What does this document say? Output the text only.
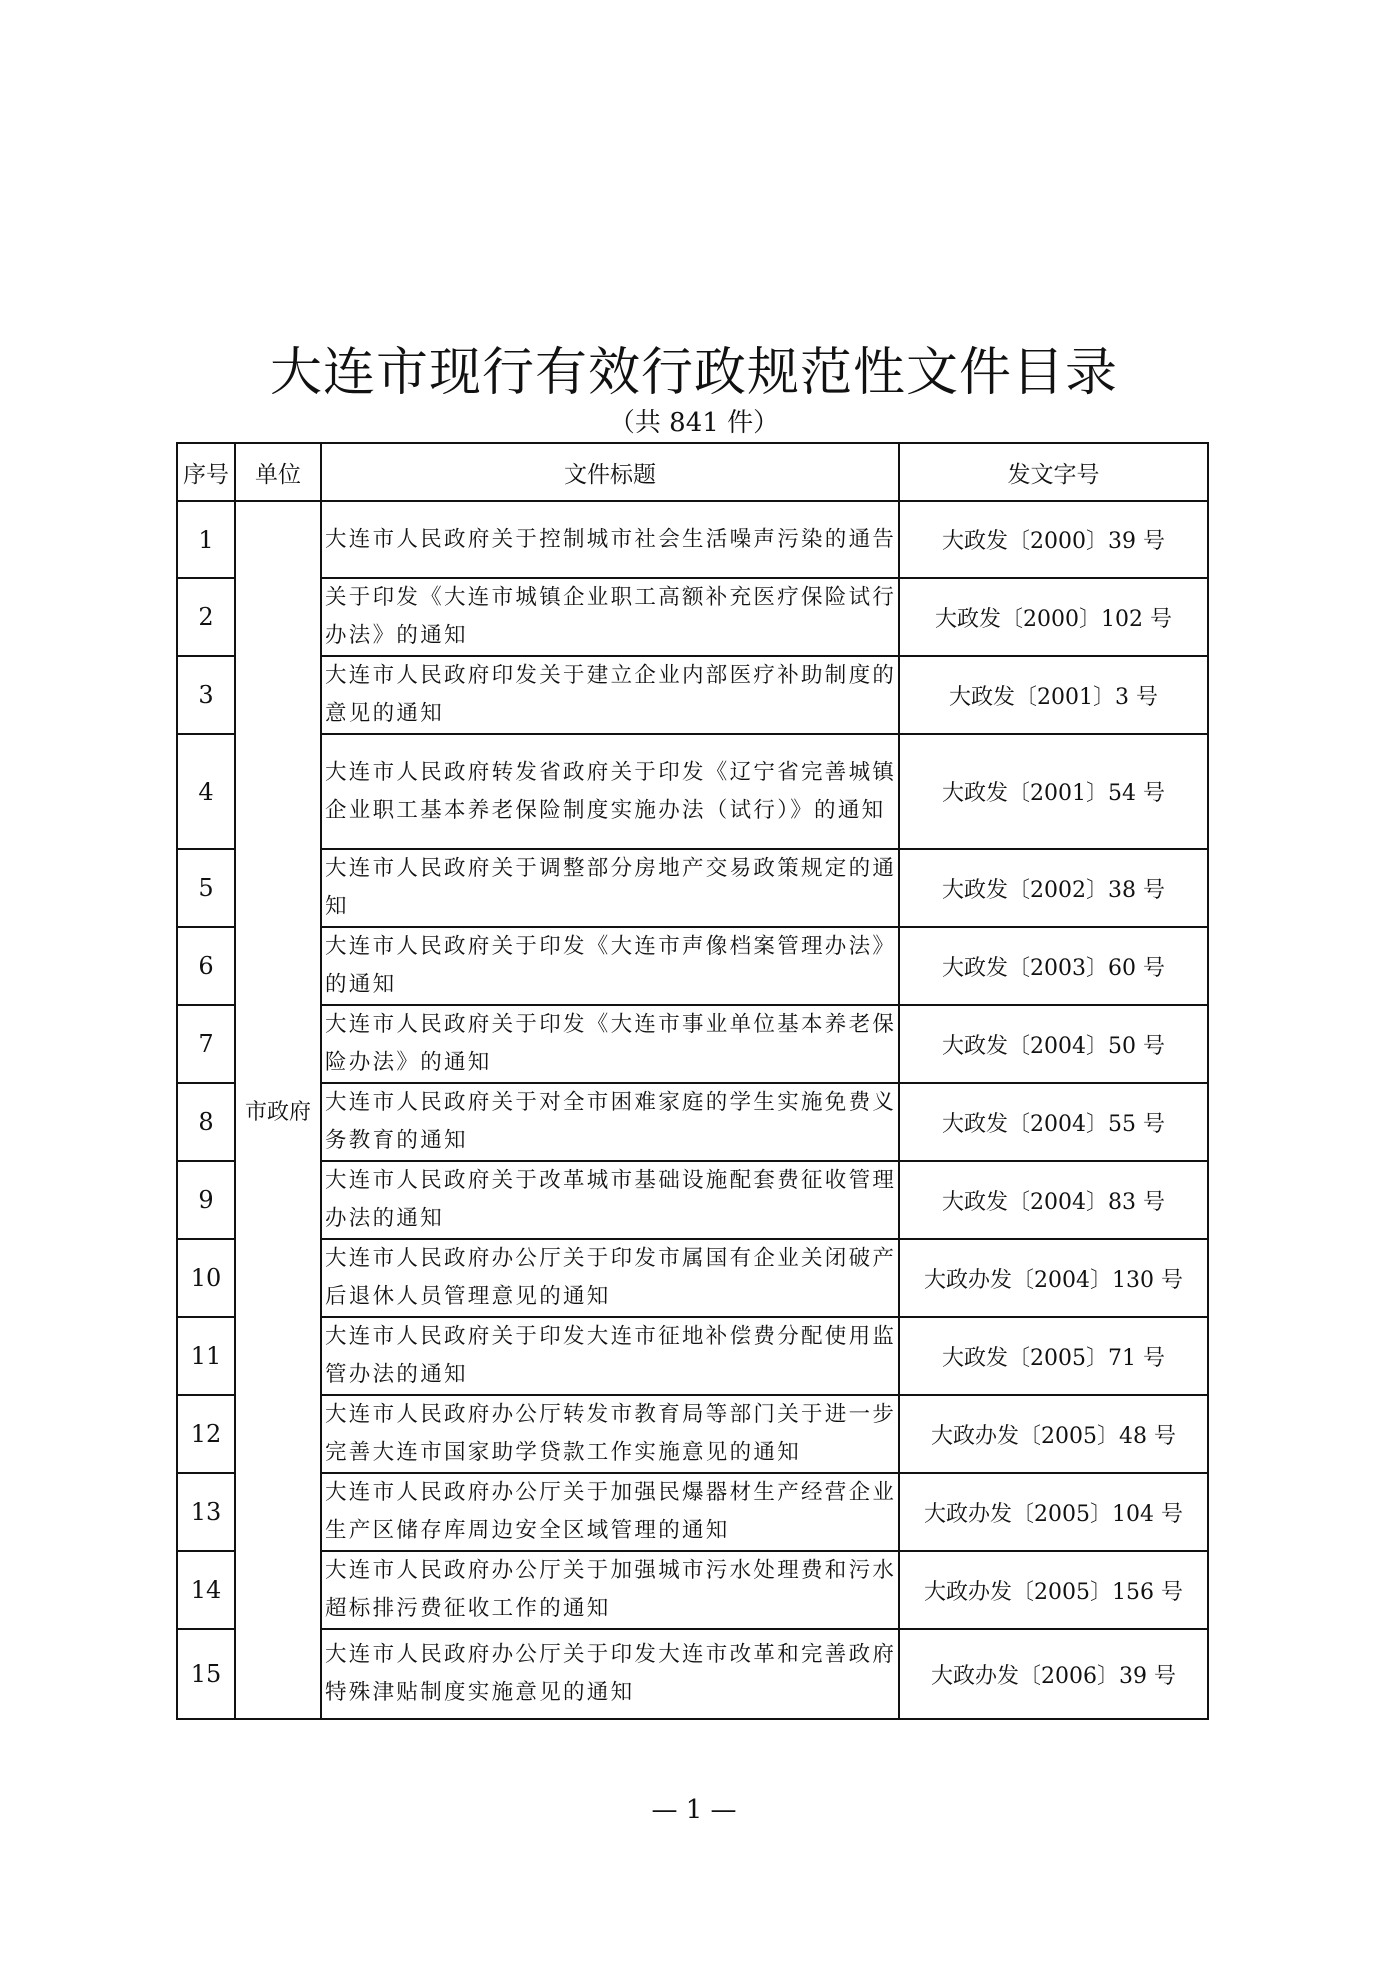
大连市现行有效行政规范性文件目录
（共 841 件）
序号	单位	文件标题	发文字号
1	市政府	大连市人民政府关于控制城市社会生活噪声污染的通告	大政发〔2000〕39 号
2		关于印发《大连市城镇企业职工高额补充医疗保险试行办法》的通知	大政发〔2000〕102 号
3		大连市人民政府印发关于建立企业内部医疗补助制度的意见的通知	大政发〔2001〕3 号
4		大连市人民政府转发省政府关于印发《辽宁省完善城镇企业职工基本养老保险制度实施办法（试行）》的通知	大政发〔2001〕54 号
5		大连市人民政府关于调整部分房地产交易政策规定的通知	大政发〔2002〕38 号
6		大连市人民政府关于印发《大连市声像档案管理办法》的通知	大政发〔2003〕60 号
7		大连市人民政府关于印发《大连市事业单位基本养老保险办法》的通知	大政发〔2004〕50 号
8		大连市人民政府关于对全市困难家庭的学生实施免费义务教育的通知	大政发〔2004〕55 号
9		大连市人民政府关于改革城市基础设施配套费征收管理办法的通知	大政发〔2004〕83 号
10		大连市人民政府办公厅关于印发市属国有企业关闭破产后退休人员管理意见的通知	大政办发〔2004〕130 号
11		大连市人民政府关于印发大连市征地补偿费分配使用监管办法的通知	大政发〔2005〕71 号
12		大连市人民政府办公厅转发市教育局等部门关于进一步完善大连市国家助学贷款工作实施意见的通知	大政办发〔2005〕48 号
13		大连市人民政府办公厅关于加强民爆器材生产经营企业生产区储存库周边安全区域管理的通知	大政办发〔2005〕104 号
14		大连市人民政府办公厅关于加强城市污水处理费和污水超标排污费征收工作的通知	大政办发〔2005〕156 号
15		大连市人民政府办公厅关于印发大连市改革和完善政府特殊津贴制度实施意见的通知	大政办发〔2006〕39 号
— 1 —
